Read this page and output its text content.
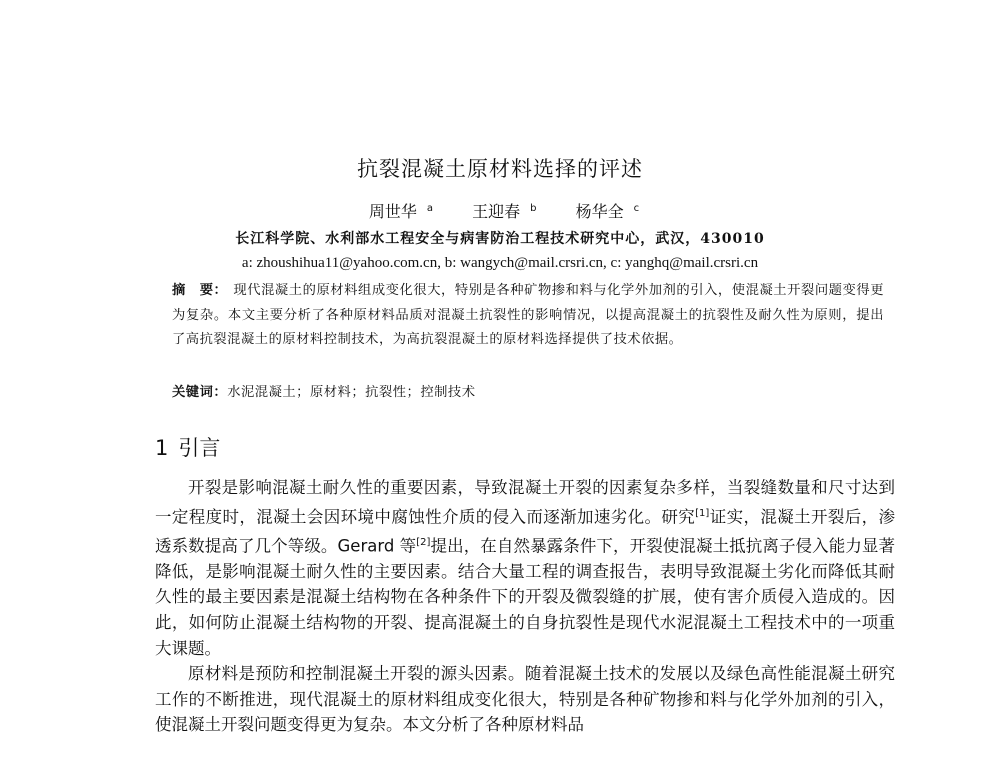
抗裂混凝土原材料选择的评述
周世华 $^a$ 王迎春 $^b$ 杨华全 $^c$
长江科学院、水利部水工程安全与病害防治工程技术研究中心，武汉，430010
a: zhoushihua11@yahoo.com.cn, b: wangych@mail.crsri.cn, c: yanghq@mail.crsri.cn
摘　要： 现代混凝土的原材料组成变化很大，特别是各种矿物掺和料与化学外加剂的引入，使混凝土开裂问题变得更为复杂。本文主要分析了各种原材料品质对混凝土抗裂性的影响情况，以提高混凝土的抗裂性及耐久性为原则，提出了高抗裂混凝土的原材料控制技术，为高抗裂混凝土的原材料选择提供了技术依据。
关键词：水泥混凝土；原材料；抗裂性；控制技术
1 引言

开裂是影响混凝土耐久性的重要因素，导致混凝土开裂的因素复杂多样，当裂缝数量和尺寸达到一定程度时，混凝土会因环境中腐蚀性介质的侵入而逐渐加速劣化。研究[1]证实，混凝土开裂后，渗透系数提高了几个等级。Gerard 等[2]提出，在自然暴露条件下，开裂使混凝土抵抗离子侵入能力显著降低，是影响混凝土耐久性的主要因素。结合大量工程的调查报告，表明导致混凝土劣化而降低其耐久性的最主要因素是混凝土结构物在各种条件下的开裂及微裂缝的扩展，使有害介质侵入造成的。因此，如何防止混凝土结构物的开裂、提高混凝土的自身抗裂性是现代水泥混凝土工程技术中的一项重大课题。

原材料是预防和控制混凝土开裂的源头因素。随着混凝土技术的发展以及绿色高性能混凝土研究工作的不断推进，现代混凝土的原材料组成变化很大，特别是各种矿物掺和料与化学外加剂的引入，使混凝土开裂问题变得更为复杂。本文分析了各种原材料品
